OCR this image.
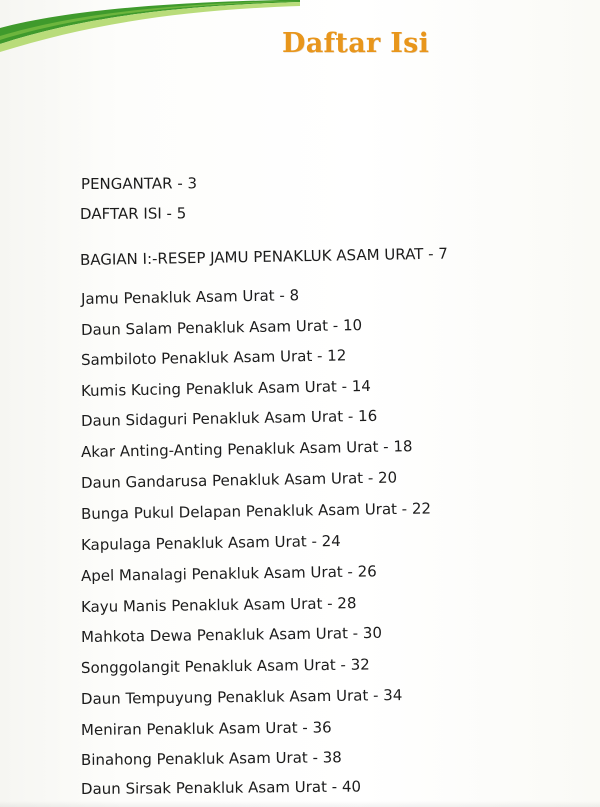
Daftar Isi
PENGANTAR - 3
DAFTAR ISI - 5
BAGIAN I:-RESEP JAMU PENAKLUK ASAM URAT - 7
Jamu Penakluk Asam Urat - 8
Daun Salam Penakluk Asam Urat - 10
Sambiloto Penakluk Asam Urat - 12
Kumis Kucing Penakluk Asam Urat - 14
Daun Sidaguri Penakluk Asam Urat - 16
Akar Anting-Anting Penakluk Asam Urat - 18
Daun Gandarusa Penakluk Asam Urat - 20
Bunga Pukul Delapan Penakluk Asam Urat - 22
Kapulaga Penakluk Asam Urat - 24
Apel Manalagi Penakluk Asam Urat - 26
Kayu Manis Penakluk Asam Urat - 28
Mahkota Dewa Penakluk Asam Urat - 30
Songgolangit Penakluk Asam Urat - 32
Daun Tempuyung Penakluk Asam Urat - 34
Meniran Penakluk Asam Urat - 36
Binahong Penakluk Asam Urat - 38
Daun Sirsak Penakluk Asam Urat - 40
